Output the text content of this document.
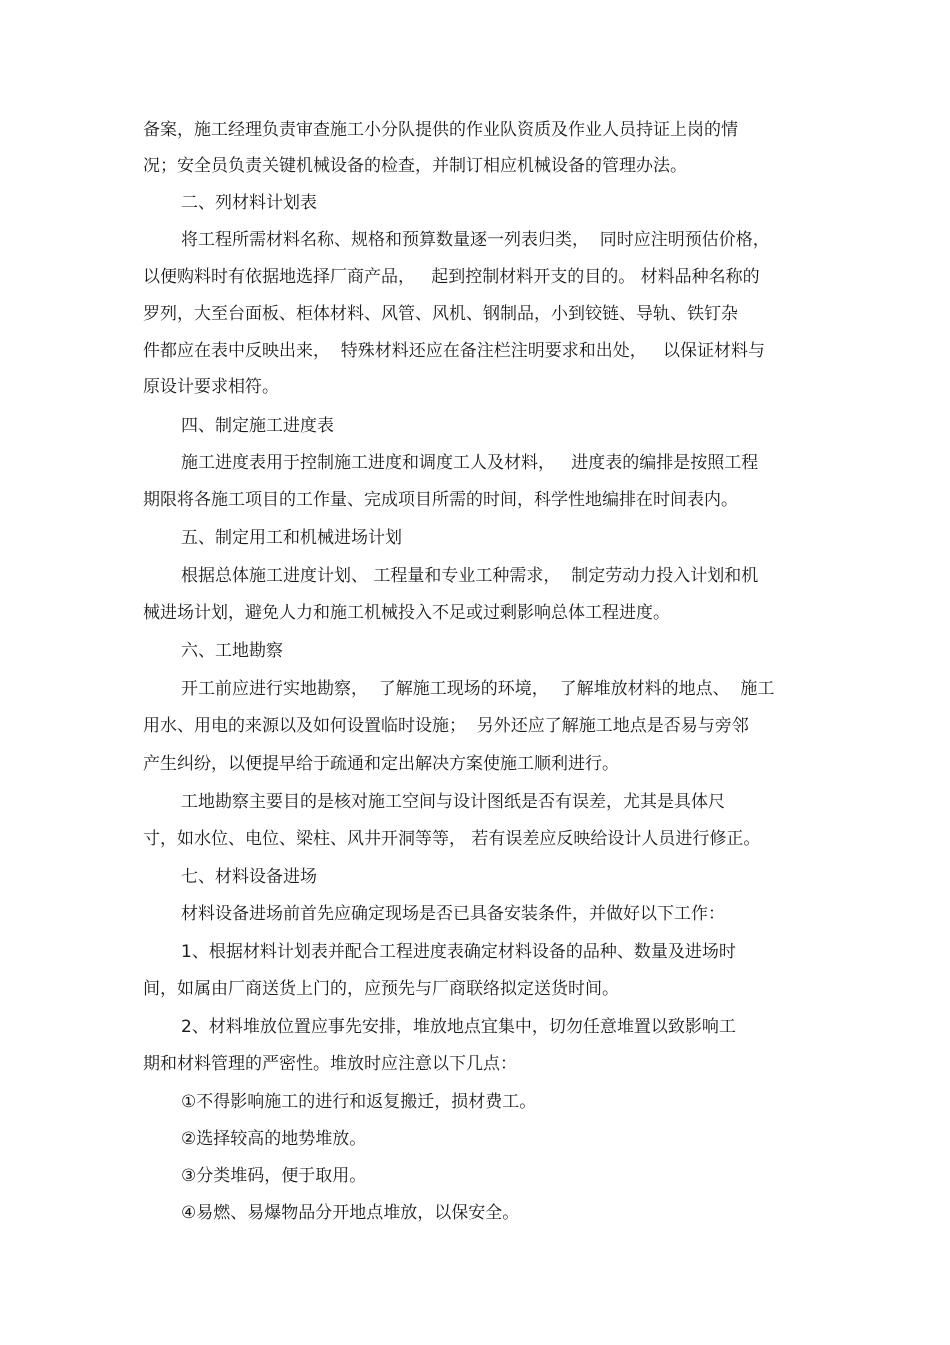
备案，施工经理负责审查施工小分队提供的作业队资质及作业人员持证上岗的情
况；安全员负责关键机械设备的检查，并制订相应机械设备的管理办法。
二、列材料计划表
将工程所需材料名称、规格和预算数量逐一列表归类，  同时应注明预估价格，
以便购料时有依据地选择厂商产品，   起到控制材料开支的目的。 材料品种名称的
罗列，大至台面板、柜体材料、风管、风机、钢制品，小到铰链、导轨、铁钉杂
件都应在表中反映出来，  特殊材料还应在备注栏注明要求和出处，   以保证材料与
原设计要求相符。
四、制定施工进度表
施工进度表用于控制施工进度和调度工人及材料，   进度表的编排是按照工程
期限将各施工项目的工作量、完成项目所需的时间，科学性地编排在时间表内。
五、制定用工和机械进场计划
根据总体施工进度计划、 工程量和专业工种需求，  制定劳动力投入计划和机
械进场计划，避免人力和施工机械投入不足或过剩影响总体工程进度。
六、工地勘察
开工前应进行实地勘察，  了解施工现场的环境，  了解堆放材料的地点、  施工
用水、用电的来源以及如何设置临时设施；  另外还应了解施工地点是否易与旁邻
产生纠纷，以便提早给于疏通和定出解决方案使施工顺利进行。
工地勘察主要目的是核对施工空间与设计图纸是否有误差，尤其是具体尺
寸，如水位、电位、梁柱、风井开洞等等， 若有误差应反映给设计人员进行修正。
七、材料设备进场
材料设备进场前首先应确定现场是否已具备安装条件，并做好以下工作：
1、根据材料计划表并配合工程进度表确定材料设备的品种、数量及进场时
间，如属由厂商送货上门的，应预先与厂商联络拟定送货时间。
2、材料堆放位置应事先安排，堆放地点宜集中，切勿任意堆置以致影响工
期和材料管理的严密性。堆放时应注意以下几点：
①不得影响施工的进行和返复搬迁，损材费工。
②选择较高的地势堆放。
③分类堆码，便于取用。
④易燃、易爆物品分开地点堆放，以保安全。
